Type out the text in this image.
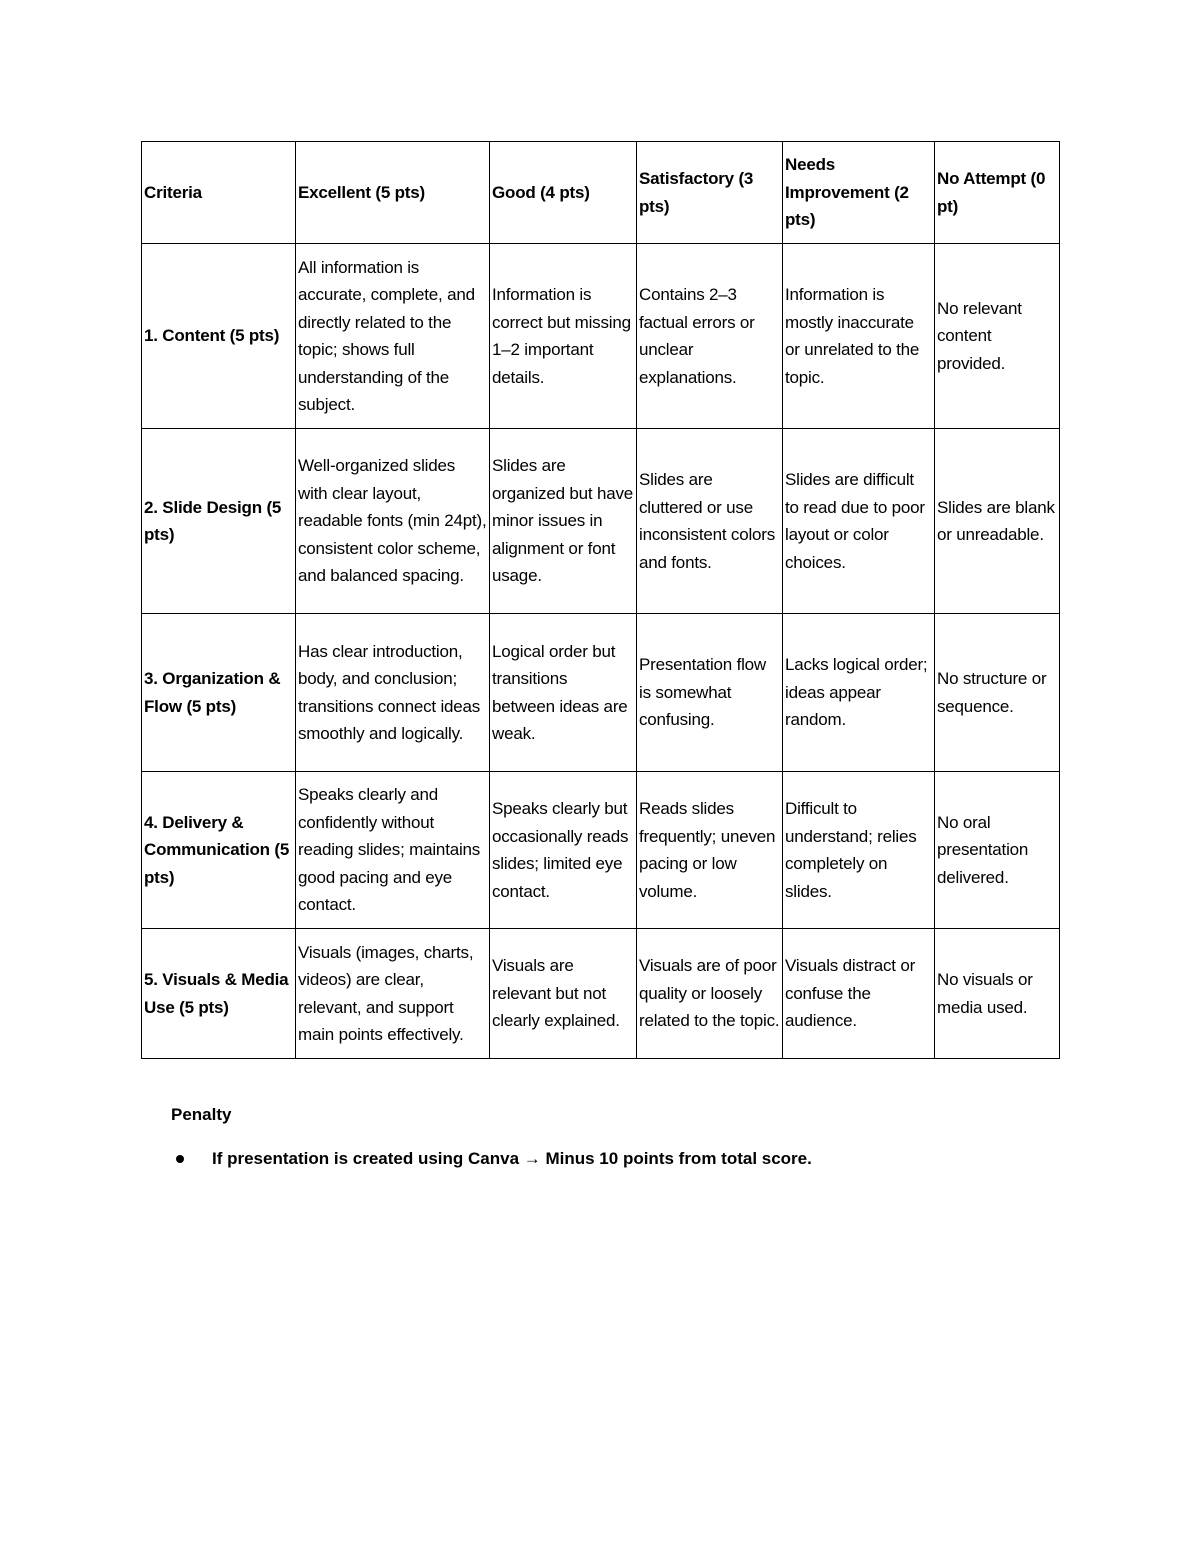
Criteria	Excellent (5 pts)	Good (4 pts)	Satisfactory (3 pts)	Needs Improvement (2 pts)	No Attempt (0 pt)
1. Content (5 pts)	All information is accurate, complete, and directly related to the topic; shows full understanding of the subject.	Information is correct but missing 1–2 important details.	Contains 2–3 factual errors or unclear explanations.	Information is mostly inaccurate or unrelated to the topic.	No relevant content provided.
2. Slide Design (5 pts)	Well-organized slides with clear layout, readable fonts (min 24pt), consistent color scheme, and balanced spacing.	Slides are organized but have minor issues in alignment or font usage.	Slides are cluttered or use inconsistent colors and fonts.	Slides are difficult to read due to poor layout or color choices.	Slides are blank or unreadable.
3. Organization & Flow (5 pts)	Has clear introduction, body, and conclusion; transitions connect ideas smoothly and logically.	Logical order but transitions between ideas are weak.	Presentation flow is somewhat confusing.	Lacks logical order; ideas appear random.	No structure or sequence.
4. Delivery & Communication (5 pts)	Speaks clearly and confidently without reading slides; maintains good pacing and eye contact.	Speaks clearly but occasionally reads slides; limited eye contact.	Reads slides frequently; uneven pacing or low volume.	Difficult to understand; relies completely on slides.	No oral presentation delivered.
5. Visuals & Media Use (5 pts)	Visuals (images, charts, videos) are clear, relevant, and support main points effectively.	Visuals are relevant but not clearly explained.	Visuals are of poor quality or loosely related to the topic.	Visuals distract or confuse the audience.	No visuals or media used.
Penalty
If presentation is created using Canva → Minus 10 points from total score.
